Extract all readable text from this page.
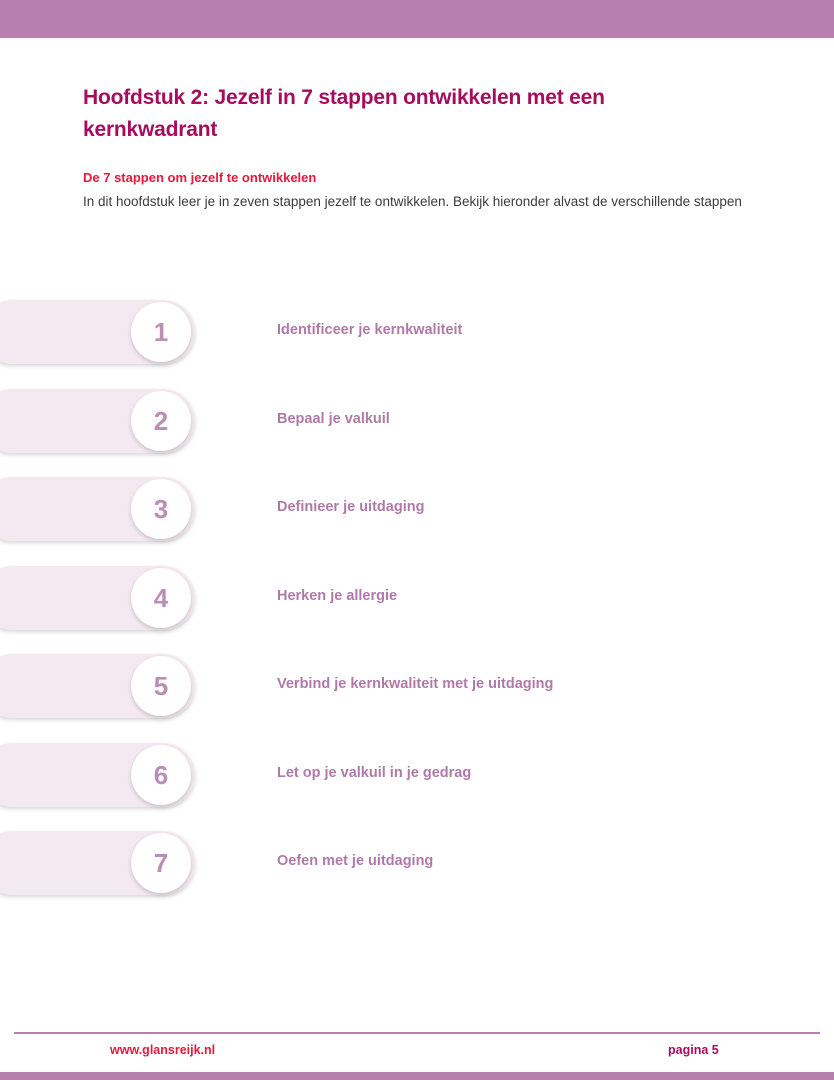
Hoofdstuk 2: Jezelf in 7 stappen ontwikkelen met een kernkwadrant
De 7 stappen om jezelf te ontwikkelen

In dit hoofdstuk leer je in zeven stappen jezelf te ontwikkelen. Bekijk hieronder alvast de verschillende stappen

1	Identificeer je kernkwaliteit
2	Bepaal je valkuil
3	Definieer je uitdaging
4	Herken je allergie
5	Verbind je kernkwaliteit met je uitdaging
6	Let op je valkuil in je gedrag
7	Oefen met je uitdaging
www.glansreijk.nl	pagina 5
